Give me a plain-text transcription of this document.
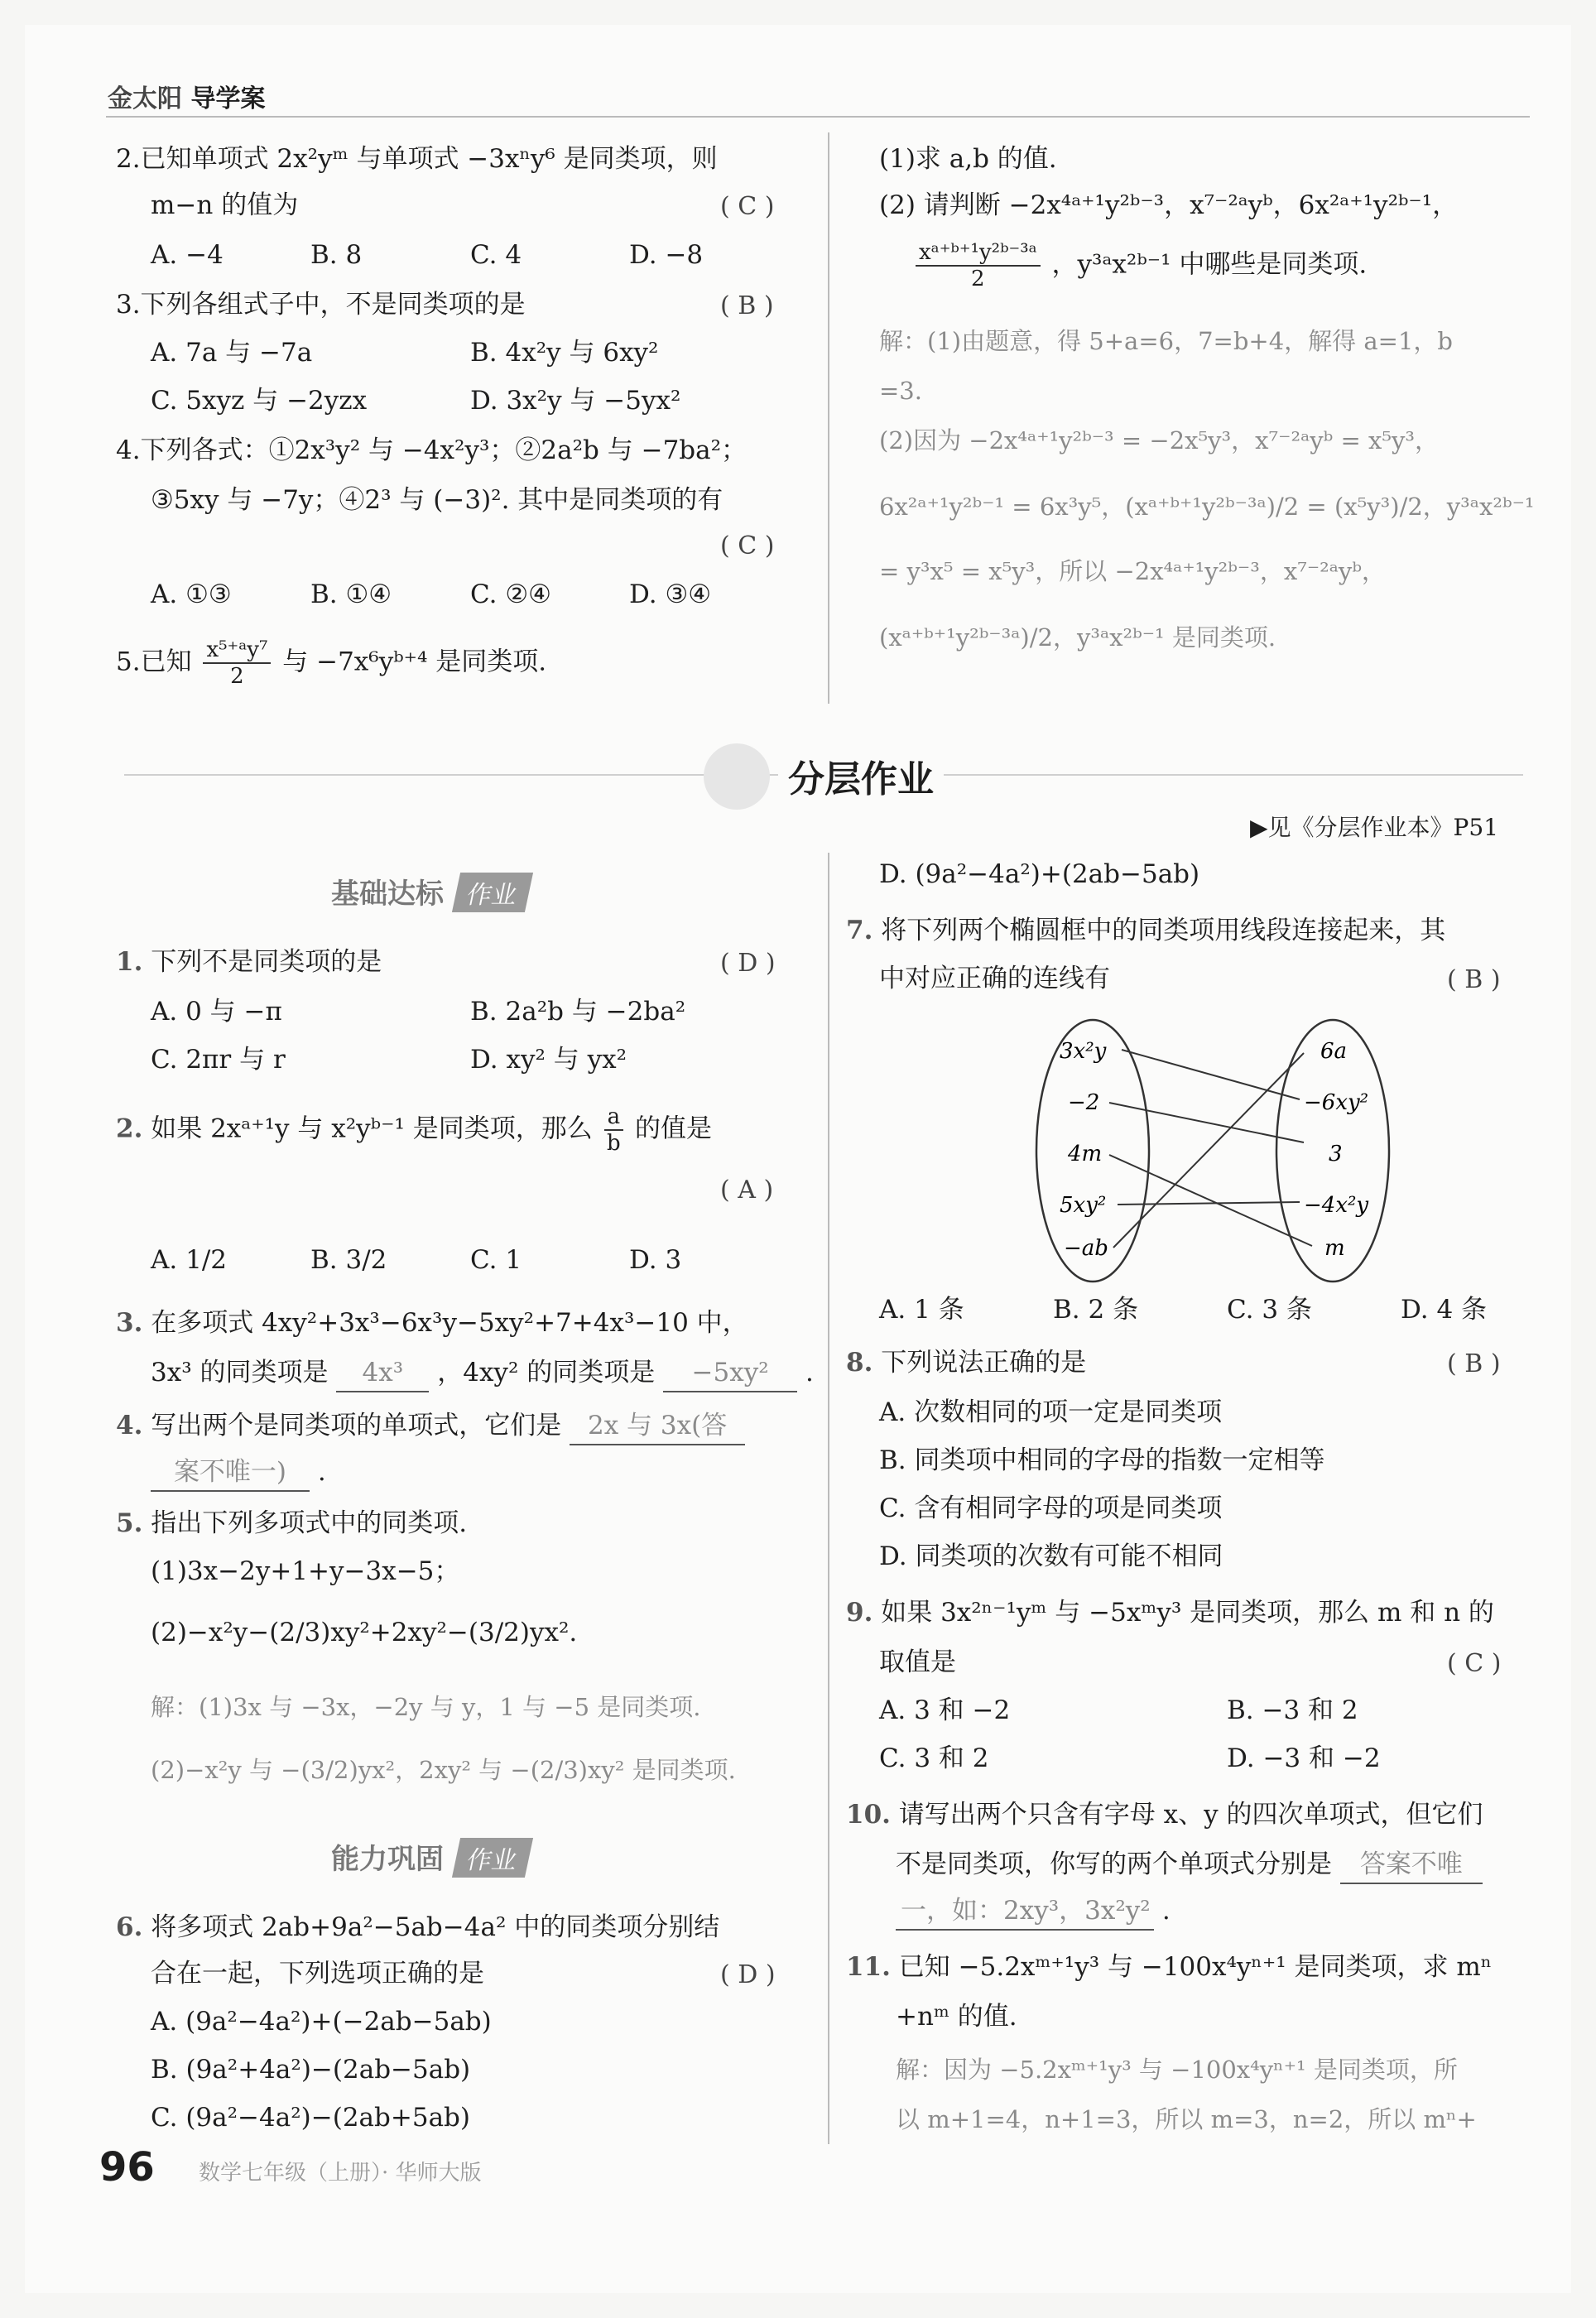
金太阳 导学案
2.已知单项式 2x²yᵐ 与单项式 −3xⁿy⁶ 是同类项，则
m−n 的值为	( C )
A. −4	B. 8	C. 4	D. −8
3.下列各组式子中，不是同类项的是	( B )
A. 7a 与 −7a	B. 4x²y 与 6xy²
C. 5xyz 与 −2yzx	D. 3x²y 与 −5yx²
4.下列各式：①2x³y² 与 −4x²y³；②2a²b 与 −7ba²；
③5xy 与 −7y；④2³ 与 (−3)². 其中是同类项的有
( C )
A. ①③	B. ①④	C. ②④	D. ③④
5.已知 $\frac{\text{x⁵⁺ᵃy⁷}}{2}$ 与 −7x⁶yᵇ⁺⁴ 是同类项.
(1)求 a,b 的值.
(2) 请判断 −2x⁴ᵃ⁺¹y²ᵇ⁻³，x⁷⁻²ᵃyᵇ，6x²ᵃ⁺¹y²ᵇ⁻¹，
$\frac{\text{xᵃ⁺ᵇ⁺¹y²ᵇ⁻³ᵃ}}{2}$ ，y³ᵃx²ᵇ⁻¹ 中哪些是同类项.
解：(1)由题意，得 5+a=6，7=b+4，解得 a=1，b
=3.
(2)因为 −2x⁴ᵃ⁺¹y²ᵇ⁻³ = −2x⁵y³，x⁷⁻²ᵃyᵇ = x⁵y³，
6x²ᵃ⁺¹y²ᵇ⁻¹ = 6x³y⁵，(xᵃ⁺ᵇ⁺¹y²ᵇ⁻³ᵃ)/2 = (x⁵y³)/2，y³ᵃx²ᵇ⁻¹
= y³x⁵ = x⁵y³，所以 −2x⁴ᵃ⁺¹y²ᵇ⁻³，x⁷⁻²ᵃyᵇ，
(xᵃ⁺ᵇ⁺¹y²ᵇ⁻³ᵃ)/2，y³ᵃx²ᵇ⁻¹ 是同类项.
分层作业
▶见《分层作业本》P51
基础达标 作业
1. 下列不是同类项的是	( D )
A. 0 与 −π	B. 2a²b 与 −2ba²
C. 2πr 与 r	D. xy² 与 yx²
2. 如果 2xᵃ⁺¹y 与 x²yᵇ⁻¹ 是同类项，那么 $\frac{a}{b}$ 的值是
( A )
A. 1/2	B. 3/2	C. 1	D. 3
3. 在多项式 4xy²+3x³−6x³y−5xy²+7+4x³−10 中，
3x³ 的同类项是 4x³ ，4xy² 的同类项是 −5xy² .
4. 写出两个是同类项的单项式，它们是 2x 与 3x(答
案不唯一) .
5. 指出下列多项式中的同类项.
(1)3x−2y+1+y−3x−5；
(2)−x²y−(2/3)xy²+2xy²−(3/2)yx².
解：(1)3x 与 −3x，−2y 与 y，1 与 −5 是同类项.
(2)−x²y 与 −(3/2)yx²，2xy² 与 −(2/3)xy² 是同类项.
能力巩固 作业
6. 将多项式 2ab+9a²−5ab−4a² 中的同类项分别结
合在一起，下列选项正确的是	( D )
A. (9a²−4a²)+(−2ab−5ab)
B. (9a²+4a²)−(2ab−5ab)
C. (9a²−4a²)−(2ab+5ab)
D. (9a²−4a²)+(2ab−5ab)
7. 将下列两个椭圆框中的同类项用线段连接起来，其
中对应正确的连线有	( B )
3x²y
−2
4m
5xy²
−ab
6a
−6xy²
3
−4x²y
m
A. 1 条	B. 2 条	C. 3 条	D. 4 条
8. 下列说法正确的是	( B )
A. 次数相同的项一定是同类项
B. 同类项中相同的字母的指数一定相等
C. 含有相同字母的项是同类项
D. 同类项的次数有可能不相同
9. 如果 3x²ⁿ⁻¹yᵐ 与 −5xᵐy³ 是同类项，那么 m 和 n 的
取值是	( C )
A. 3 和 −2	B. −3 和 2
C. 3 和 2	D. −3 和 −2
10. 请写出两个只含有字母 x、y 的四次单项式，但它们
不是同类项，你写的两个单项式分别是 答案不唯
一，如：2xy³，3x²y² .
11. 已知 −5.2xᵐ⁺¹y³ 与 −100x⁴yⁿ⁺¹ 是同类项，求 mⁿ
+nᵐ 的值.
解：因为 −5.2xᵐ⁺¹y³ 与 −100x⁴yⁿ⁺¹ 是同类项，所
以 m+1=4，n+1=3，所以 m=3，n=2，所以 mⁿ+
96 数学七年级（上册）· 华师大版
